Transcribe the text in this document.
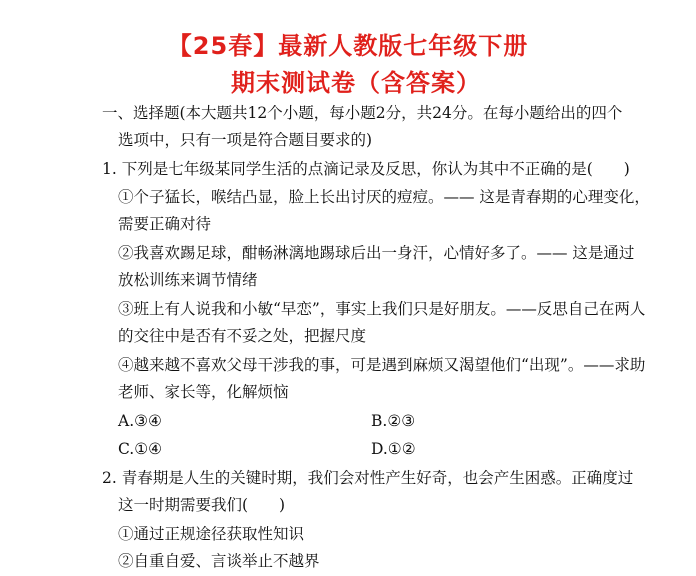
【25春】最新人教版七年级下册
期末测试卷（含答案）
一、选择题(本大题共12个小题，每小题2分，共24分。在每小题给出的四个
选项中，只有一项是符合题目要求的)
1. 下列是七年级某同学生活的点滴记录及反思，你认为其中不正确的是(　　)
①个子猛长，喉结凸显，脸上长出讨厌的痘痘。—— 这是青春期的心理变化，
需要正确对待
②我喜欢踢足球，酣畅淋漓地踢球后出一身汗，心情好多了。—— 这是通过
放松训练来调节情绪
③班上有人说我和小敏“早恋”，事实上我们只是好朋友。——反思自己在两人
的交往中是否有不妥之处，把握尺度
④越来越不喜欢父母干涉我的事，可是遇到麻烦又渴望他们“出现”。——求助
老师、家长等，化解烦恼
A.③④	B.②③
C.①④	D.①②
2. 青春期是人生的关键时期，我们会对性产生好奇，也会产生困惑。正确度过
这一时期需要我们(　　)
①通过正规途径获取性知识
②自重自爱、言谈举止不越界
